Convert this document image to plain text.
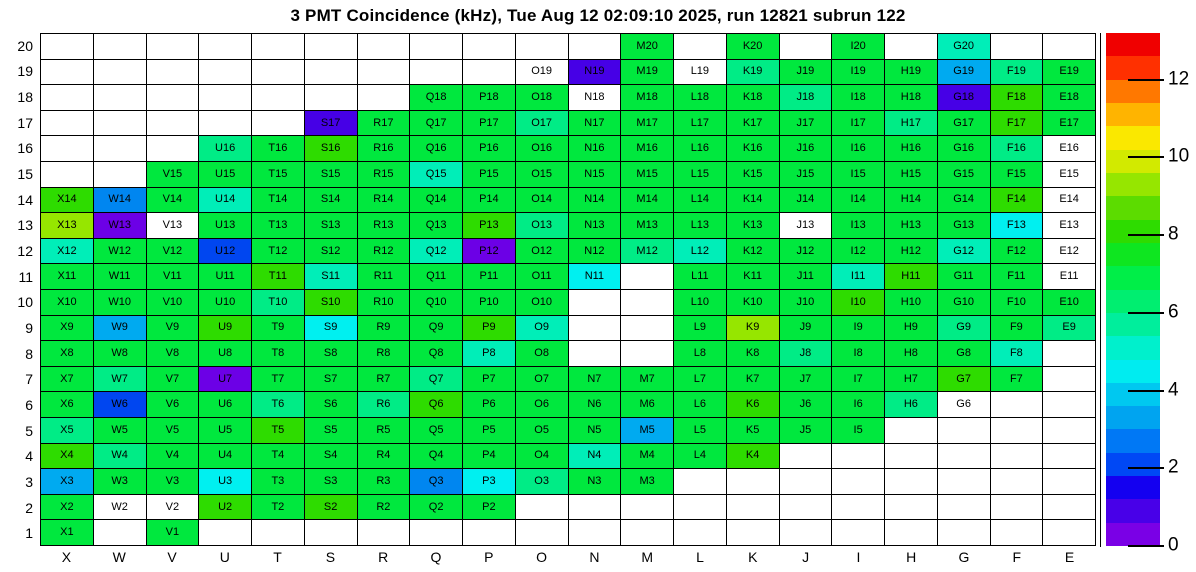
3 PMT Coincidence (kHz), Tue Aug 12 02:09:10 2025, run 12821 subrun 122
20
19
18
17
16
15
14
13
12
11
10
9
8
7
6
5
4
3
2
1
M20	K20	I20	G20
O19	N19	M19	L19	K19	J19	I19	H19	G19	F19	E19
Q18	P18	O18	N18	M18	L18	K18	J18	I18	H18	G18	F18	E18
S17	R17	Q17	P17	O17	N17	M17	L17	K17	J17	I17	H17	G17	F17	E17
U16	T16	S16	R16	Q16	P16	O16	N16	M16	L16	K16	J16	I16	H16	G16	F16	E16
V15	U15	T15	S15	R15	Q15	P15	O15	N15	M15	L15	K15	J15	I15	H15	G15	F15	E15
X14	W14	V14	U14	T14	S14	R14	Q14	P14	O14	N14	M14	L14	K14	J14	I14	H14	G14	F14	E14
X13	W13	V13	U13	T13	S13	R13	Q13	P13	O13	N13	M13	L13	K13	J13	I13	H13	G13	F13	E13
X12	W12	V12	U12	T12	S12	R12	Q12	P12	O12	N12	M12	L12	K12	J12	I12	H12	G12	F12	E12
X11	W11	V11	U11	T11	S11	R11	Q11	P11	O11	N11	L11	K11	J11	I11	H11	G11	F11	E11
X10	W10	V10	U10	T10	S10	R10	Q10	P10	O10	L10	K10	J10	I10	H10	G10	F10	E10
X9	W9	V9	U9	T9	S9	R9	Q9	P9	O9	L9	K9	J9	I9	H9	G9	F9	E9
X8	W8	V8	U8	T8	S8	R8	Q8	P8	O8	L8	K8	J8	I8	H8	G8	F8
X7	W7	V7	U7	T7	S7	R7	Q7	P7	O7	N7	M7	L7	K7	J7	I7	H7	G7	F7
X6	W6	V6	U6	T6	S6	R6	Q6	P6	O6	N6	M6	L6	K6	J6	I6	H6	G6
X5	W5	V5	U5	T5	S5	R5	Q5	P5	O5	N5	M5	L5	K5	J5	I5
X4	W4	V4	U4	T4	S4	R4	Q4	P4	O4	N4	M4	L4	K4
X3	W3	V3	U3	T3	S3	R3	Q3	P3	O3	N3	M3
X2	W2	V2	U2	T2	S2	R2	Q2	P2
X1	V1
X	W	V	U	T	S	R	Q	P	O	N	M	L	K	J	I	H	G	F	E
0
2
4
6
8
10
12
